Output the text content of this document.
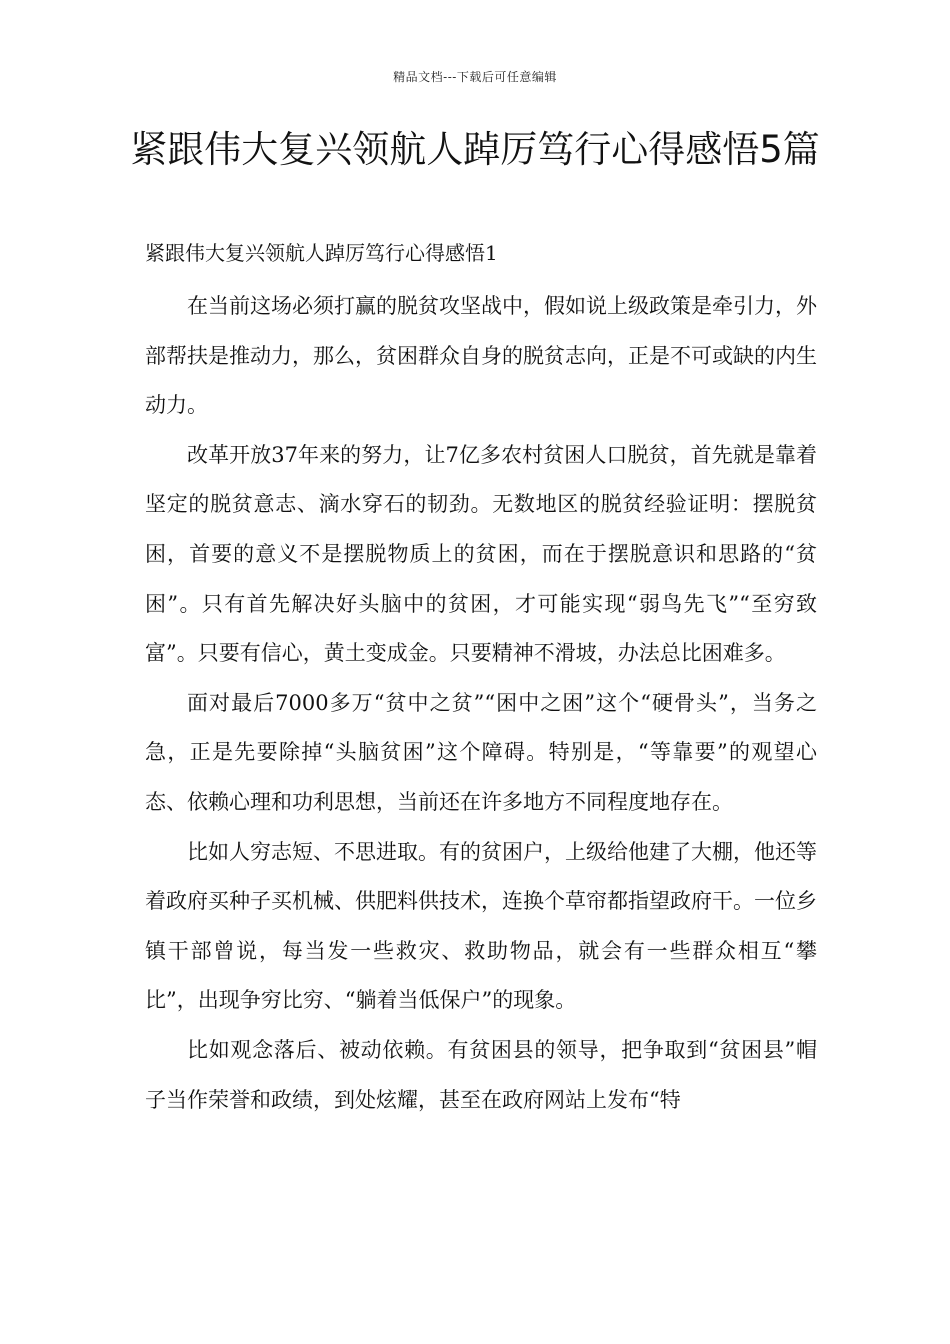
精品文档---下载后可任意编辑
紧跟伟大复兴领航人踔厉笃行心得感悟5篇
紧跟伟大复兴领航人踔厉笃行心得感悟1

在当前这场必须打赢的脱贫攻坚战中，假如说上级政策是牵引力，外部帮扶是推动力，那么，贫困群众自身的脱贫志向，正是不可或缺的内生动力。

改革开放37年来的努力，让7亿多农村贫困人口脱贫，首先就是靠着坚定的脱贫意志、滴水穿石的韧劲。无数地区的脱贫经验证明：摆脱贫困，首要的意义不是摆脱物质上的贫困，而在于摆脱意识和思路的“贫困”。只有首先解决好头脑中的贫困，才可能实现“弱鸟先飞”“至穷致富”。只要有信心，黄土变成金。只要精神不滑坡，办法总比困难多。

面对最后7000多万“贫中之贫”“困中之困”这个“硬骨头”，当务之急，正是先要除掉“头脑贫困”这个障碍。特别是，“等靠要”的观望心态、依赖心理和功利思想，当前还在许多地方不同程度地存在。

比如人穷志短、不思进取。有的贫困户，上级给他建了大棚，他还等着政府买种子买机械、供肥料供技术，连换个草帘都指望政府干。一位乡镇干部曾说，每当发一些救灾、救助物品，就会有一些群众相互“攀比”，出现争穷比穷、“躺着当低保户”的现象。

比如观念落后、被动依赖。有贫困县的领导，把争取到“贫困县”帽子当作荣誉和政绩，到处炫耀，甚至在政府网站上发布“特
